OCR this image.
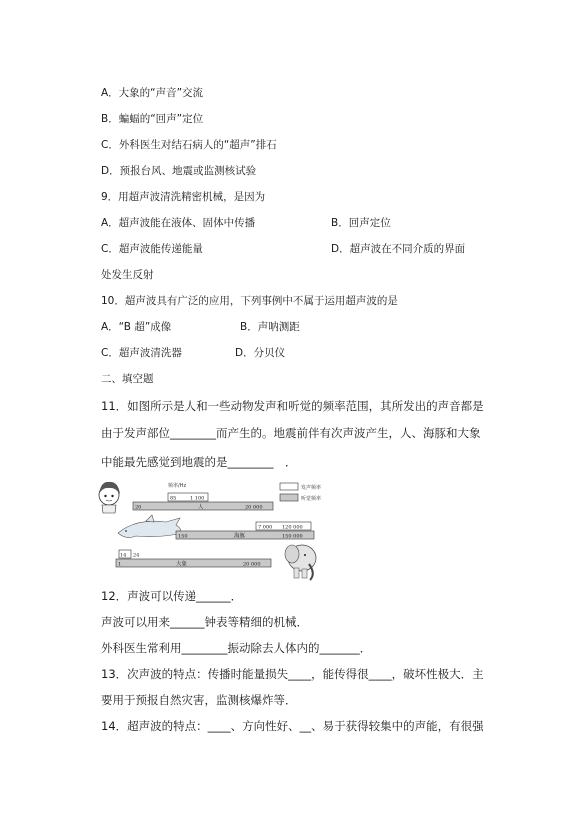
A．大象的“声音”交流
B．蝙蝠的“回声”定位
C．外科医生对结石病人的“超声”排石
D．预报台风、地震或监测核试验
9．用超声波清洗精密机械，是因为
A．超声波能在液体、固体中传播	B．回声定位
C．超声波能传递能量	D．超声波在不同介质的界面
处发生反射
10．超声波具有广泛的应用，下列事例中不属于运用超声波的是
A．“B 超”成像	B．声呐测距
C．超声波清洗器	D．分贝仪
二、填空题
11．如图所示是人和一些动物发声和听觉的频率范围，其所发出的声音都是
由于发声部位________而产生的。地震前伴有次声波产生，人、海豚和大象
中能最先感觉到地震的是________　．
频率/Hz	发声频率
听觉频率
85	1 100
20	人	20 000
7 000 120 000
150	海豚	150 000
14 24
1	大象	20 000
12．声波可以传递______．
声波可以用来______钟表等精细的机械．
外科医生常利用________振动除去人体内的_______．
13．次声波的特点：传播时能量损失____，能传得很____，破坏性极大．主
要用于预报自然灾害，监测核爆炸等．
14．超声波的特点：____、方向性好、__、易于获得较集中的声能，有很强
